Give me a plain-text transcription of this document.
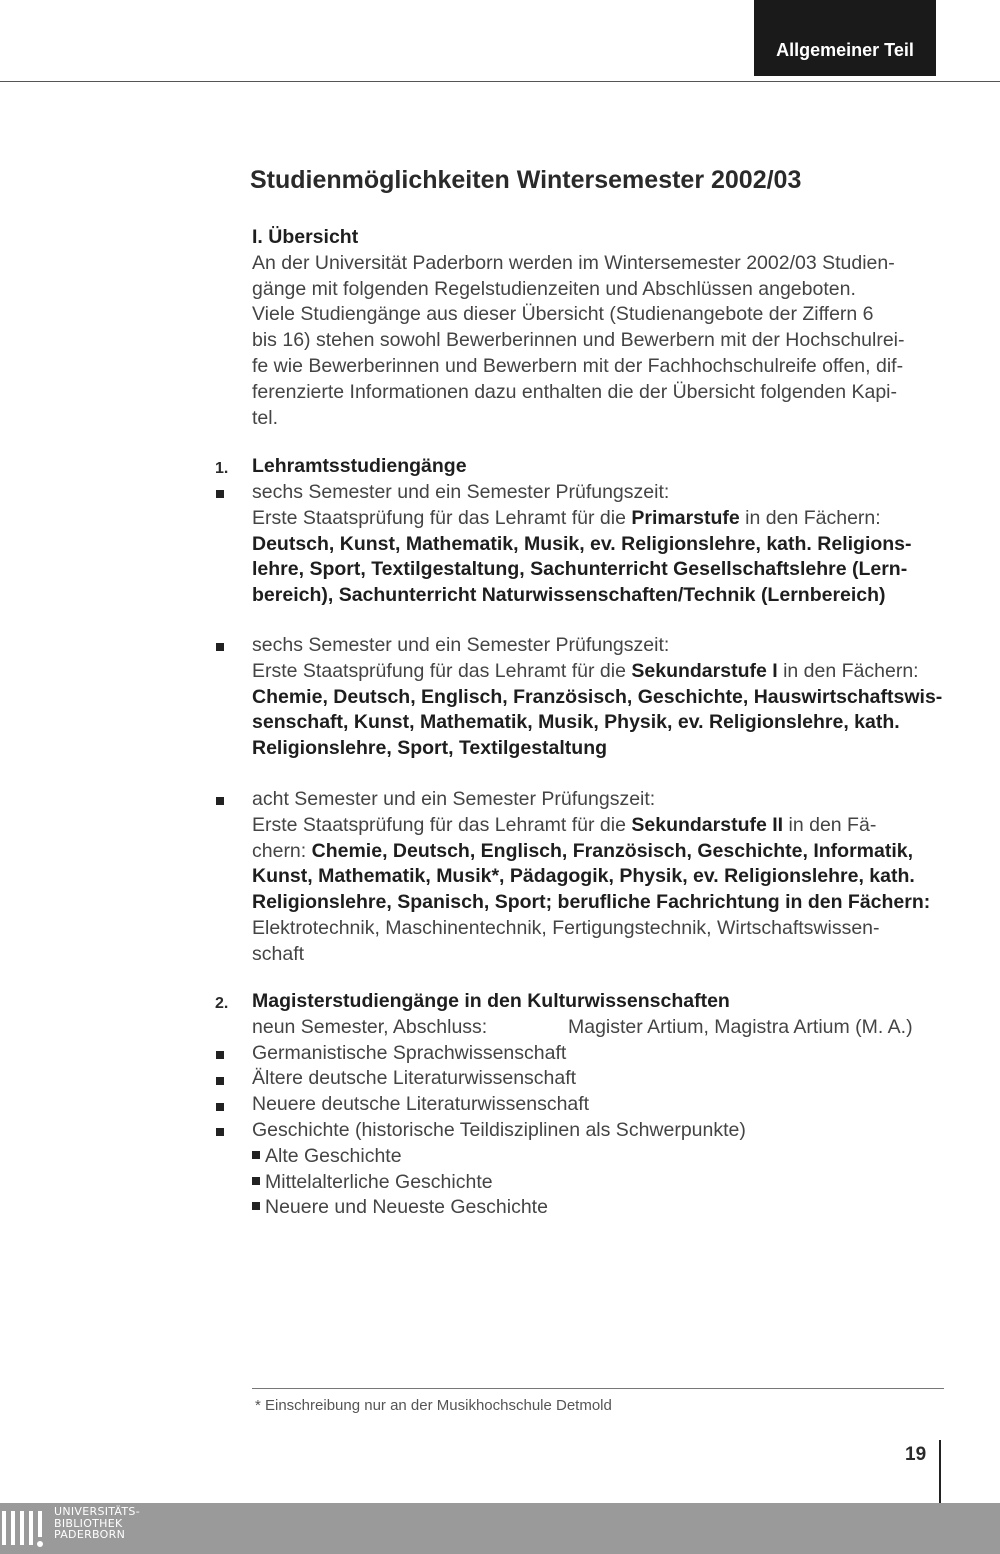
Allgemeiner Teil
Studienmöglichkeiten Wintersemester 2002/03
I. Übersicht
An der Universität Paderborn werden im Wintersemester 2002/03 Studien-
gänge mit folgenden Regelstudienzeiten und Abschlüssen angeboten.
Viele Studiengänge aus dieser Übersicht (Studienangebote der Ziffern 6
bis 16) stehen sowohl Bewerberinnen und Bewerbern mit der Hochschulrei-
fe wie Bewerberinnen und Bewerbern mit der Fachhochschulreife offen, dif-
ferenzierte Informationen dazu enthalten die der Übersicht folgenden Kapi-
tel.
1. Lehramtsstudiengänge
sechs Semester und ein Semester Prüfungszeit:
Erste Staatsprüfung für das Lehramt für die Primarstufe in den Fächern:
Deutsch, Kunst, Mathematik, Musik, ev. Religionslehre, kath. Religions-
lehre, Sport, Textilgestaltung, Sachunterricht Gesellschaftslehre (Lern-
bereich), Sachunterricht Naturwissenschaften/Technik (Lernbereich)
sechs Semester und ein Semester Prüfungszeit:
Erste Staatsprüfung für das Lehramt für die Sekundarstufe I in den Fächern:
Chemie, Deutsch, Englisch, Französisch, Geschichte, Hauswirtschaftswis-
senschaft, Kunst, Mathematik, Musik, Physik, ev. Religionslehre, kath.
Religionslehre, Sport, Textilgestaltung
acht Semester und ein Semester Prüfungszeit:
Erste Staatsprüfung für das Lehramt für die Sekundarstufe II in den Fä-
chern: Chemie, Deutsch, Englisch, Französisch, Geschichte, Informatik,
Kunst, Mathematik, Musik*, Pädagogik, Physik, ev. Religionslehre, kath.
Religionslehre, Spanisch, Sport; berufliche Fachrichtung in den Fächern:
Elektrotechnik, Maschinentechnik, Fertigungstechnik, Wirtschaftswissen-
schaft
2. Magisterstudiengänge in den Kulturwissenschaften
neun Semester, Abschluss:	Magister Artium, Magistra Artium (M. A.)
Germanistische Sprachwissenschaft
Ältere deutsche Literaturwissenschaft
Neuere deutsche Literaturwissenschaft
Geschichte (historische Teildisziplinen als Schwerpunkte)
Alte Geschichte
Mittelalterliche Geschichte
Neuere und Neueste Geschichte
* Einschreibung nur an der Musikhochschule Detmold
19
UNIVERSITÄTS-
BIBLIOTHEK
PADERBORN
